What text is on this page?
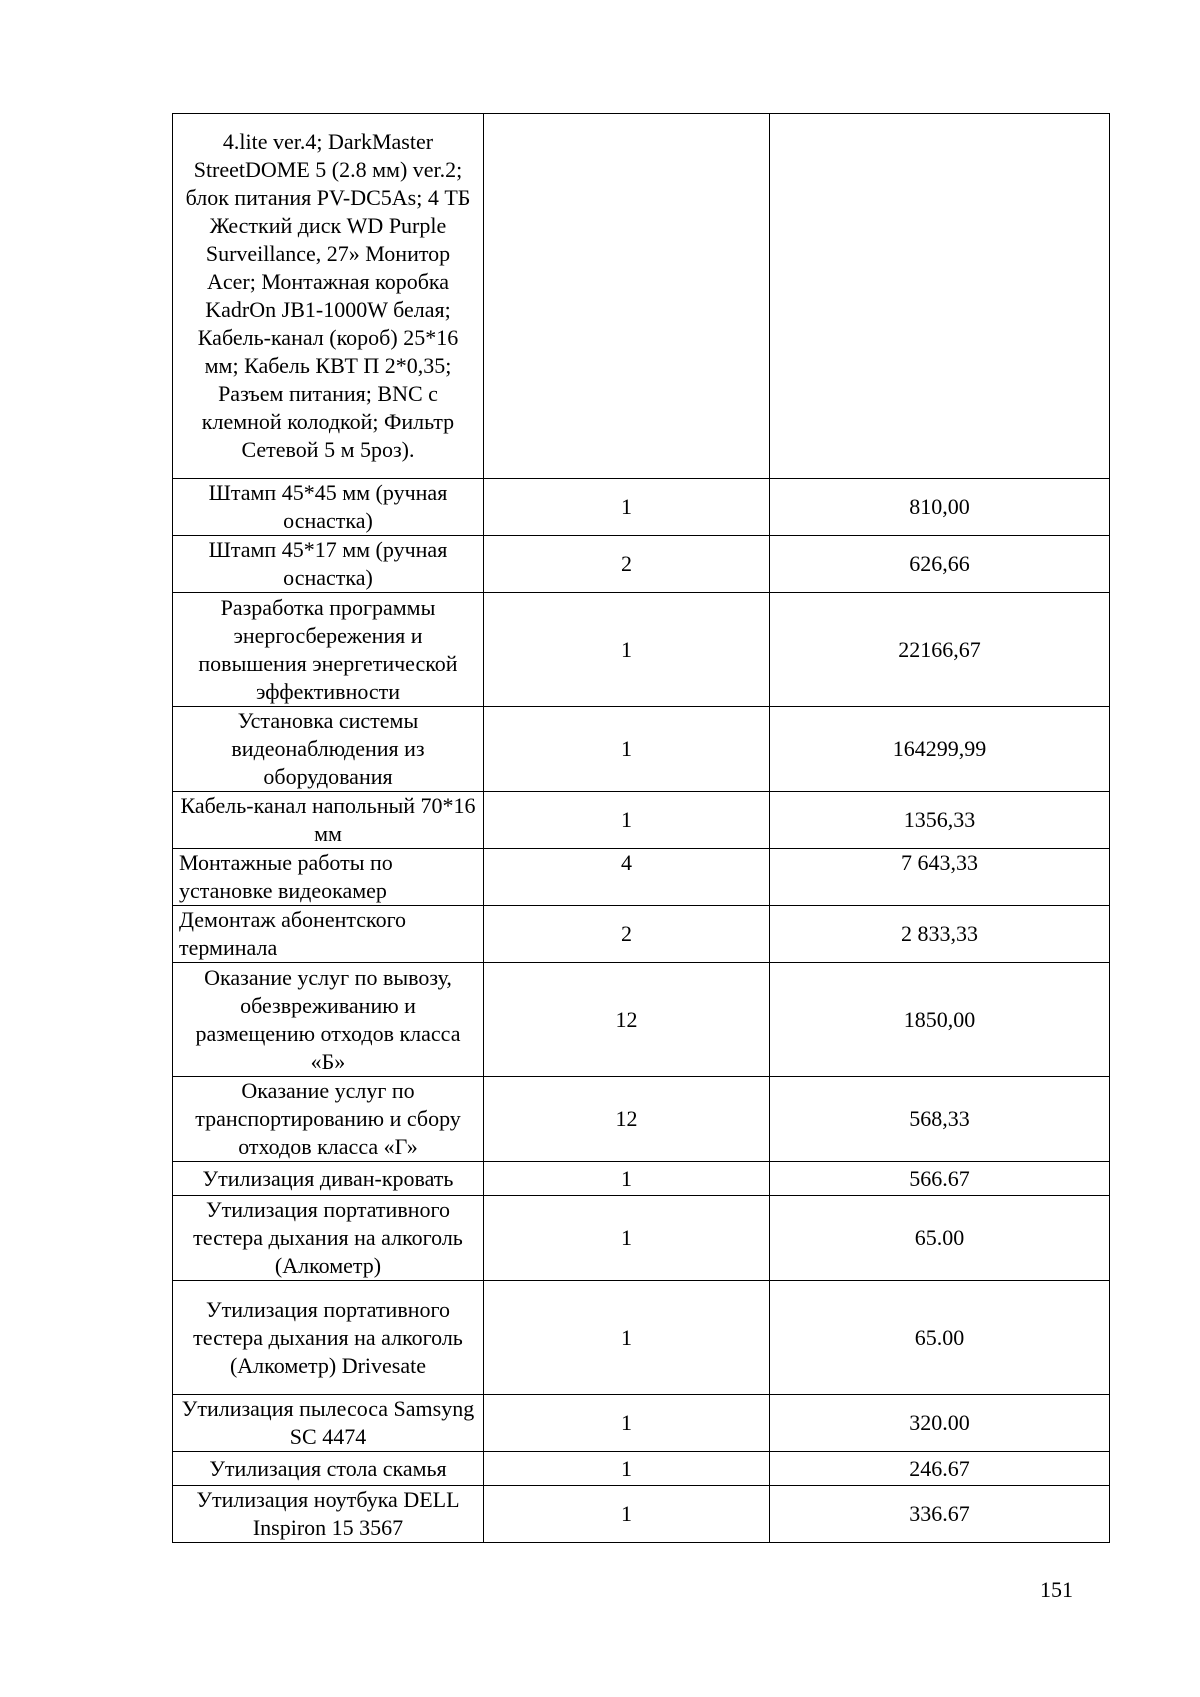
4.lite ver.4; DarkMaster StreetDOME 5 (2.8 мм) ver.2; блок питания PV-DC5As; 4 ТБ Жесткий диск WD Purple Surveillance, 27» Монитор Acer; Монтажная коробка KadrOn JB1-1000W белая; Кабель-канал (короб) 25*16 мм; Кабель КВТ П 2*0,35; Разъем питания; BNC с клемной колодкой; Фильтр Сетевой 5 м 5роз).		
Штамп 45*45 мм (ручная оснастка)	1	810,00
Штамп 45*17 мм (ручная оснастка)	2	626,66
Разработка программы энергосбережения и повышения энергетической эффективности	1	22166,67
Установка системы видеонаблюдения из оборудования	1	164299,99
Кабель-канал напольный 70*16 мм	1	1356,33
Монтажные работы по установке видеокамер	4	7 643,33
Демонтаж абонентского терминала	2	2 833,33
Оказание услуг по вывозу, обезвреживанию и размещению отходов класса «Б»	12	1850,00
Оказание услуг по транспортированию и сбору отходов класса «Г»	12	568,33
Утилизация диван-кровать	1	566.67
Утилизация портативного тестера дыхания на алкоголь (Алкометр)	1	65.00
Утилизация портативного тестера дыхания на алкоголь (Алкометр) Drivesate	1	65.00
Утилизация пылесоса Samsyng SC 4474	1	320.00
Утилизация стола скамья	1	246.67
Утилизация ноутбука DELL Inspiron 15 3567	1	336.67
151
